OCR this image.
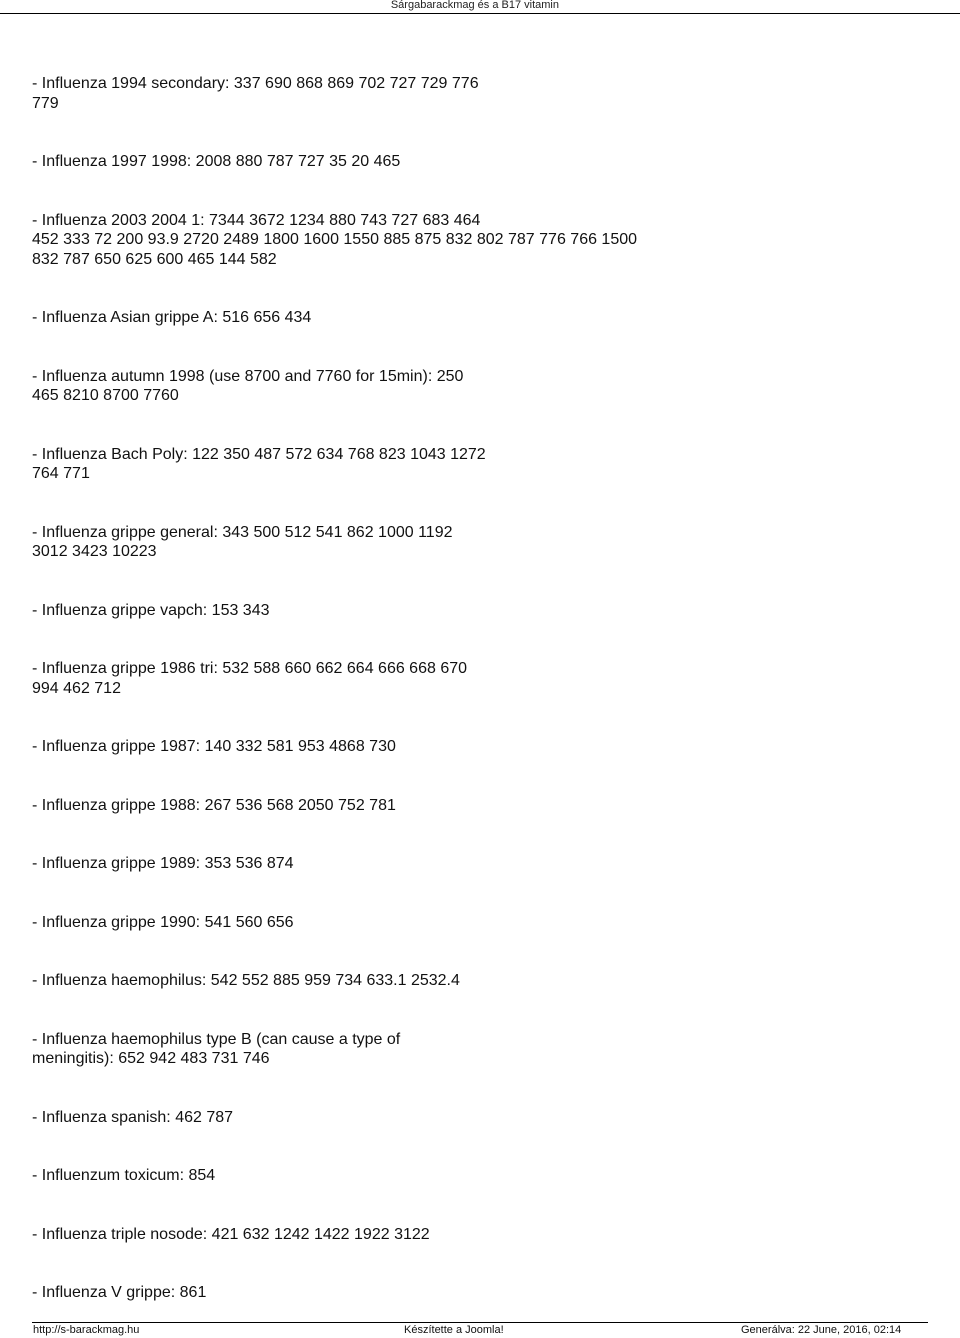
Sárgabarackmag és a B17 vitamin
- Influenza 1994 secondary: 337 690 868 869 702 727 729 776
779
- Influenza 1997 1998: 2008 880 787 727 35 20 465
- Influenza 2003 2004 1: 7344 3672 1234 880 743 727 683 464
452 333 72 200 93.9 2720 2489 1800 1600 1550 885 875 832 802 787 776 766 1500
832 787 650 625 600 465 144 582
- Influenza Asian grippe A: 516 656 434
- Influenza autumn 1998 (use 8700 and 7760 for 15min): 250
465 8210 8700 7760
- Influenza Bach Poly: 122 350 487 572 634 768 823 1043 1272
764 771
- Influenza grippe general: 343 500 512 541 862 1000 1192
3012 3423 10223
- Influenza grippe vapch: 153 343
- Influenza grippe 1986 tri: 532 588 660 662 664 666 668 670
994 462 712
- Influenza grippe 1987: 140 332 581 953 4868 730
- Influenza grippe 1988: 267 536 568 2050 752 781
- Influenza grippe 1989: 353 536 874
- Influenza grippe 1990: 541 560 656
- Influenza haemophilus: 542 552 885 959 734 633.1 2532.4
- Influenza haemophilus type B (can cause a type of
meningitis): 652 942 483 731 746
- Influenza spanish: 462 787
- Influenzum toxicum: 854
- Influenza triple nosode: 421 632 1242 1422 1922 3122
- Influenza V grippe: 861
http://s-barackmag.hu	Készítette a Joomla!	Generálva: 22 June, 2016, 02:14
